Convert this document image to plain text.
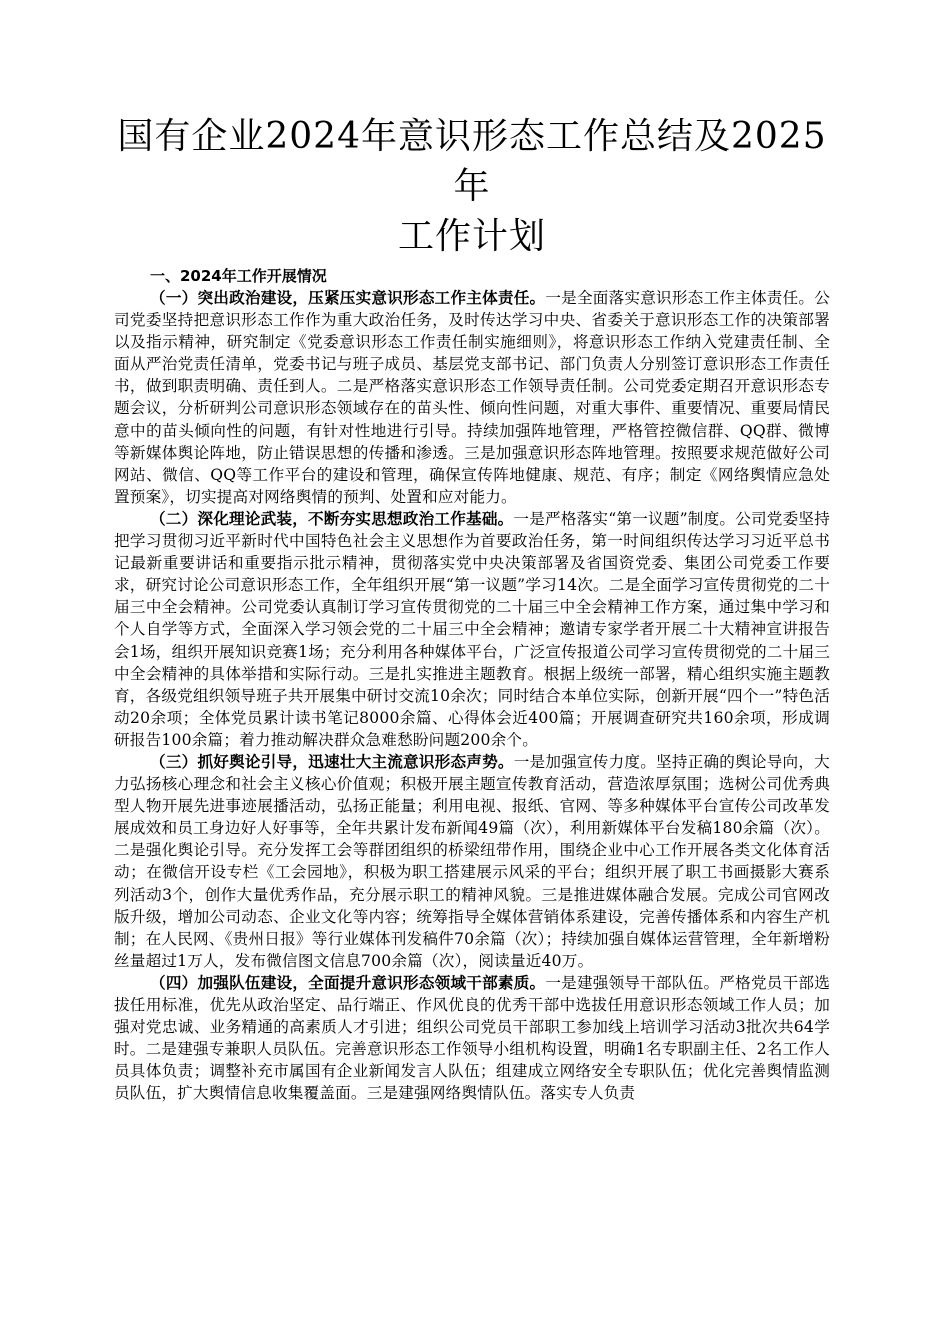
国有企业2024年意识形态工作总结及2025年
工作计划
一、2024年工作开展情况

（一）突出政治建设，压紧压实意识形态工作主体责任。一是全面落实意识形态工作主体责任。公司党委坚持把意识形态工作作为重大政治任务，及时传达学习中央、省委关于意识形态工作的决策部署以及指示精神，研究制定《党委意识形态工作责任制实施细则》，将意识形态工作纳入党建责任制、全面从严治党责任清单，党委书记与班子成员、基层党支部书记、部门负责人分别签订意识形态工作责任书，做到职责明确、责任到人。二是严格落实意识形态工作领导责任制。公司党委定期召开意识形态专题会议，分析研判公司意识形态领域存在的苗头性、倾向性问题，对重大事件、重要情况、重要局情民意中的苗头倾向性的问题，有针对性地进行引导。持续加强阵地管理，严格管控微信群、QQ群、微博等新媒体舆论阵地，防止错误思想的传播和渗透。三是加强意识形态阵地管理。按照要求规范做好公司网站、微信、QQ等工作平台的建设和管理，确保宣传阵地健康、规范、有序；制定《网络舆情应急处置预案》，切实提高对网络舆情的预判、处置和应对能力。

（二）深化理论武装，不断夯实思想政治工作基础。一是严格落实“第一议题”制度。公司党委坚持把学习贯彻习近平新时代中国特色社会主义思想作为首要政治任务，第一时间组织传达学习习近平总书记最新重要讲话和重要指示批示精神，贯彻落实党中央决策部署及省国资党委、集团公司党委工作要求，研究讨论公司意识形态工作，全年组织开展“第一议题”学习14次。二是全面学习宣传贯彻党的二十届三中全会精神。公司党委认真制订学习宣传贯彻党的二十届三中全会精神工作方案，通过集中学习和个人自学等方式，全面深入学习领会党的二十届三中全会精神；邀请专家学者开展二十大精神宣讲报告会1场，组织开展知识竞赛1场；充分利用各种媒体平台，广泛宣传报道公司学习宣传贯彻党的二十届三中全会精神的具体举措和实际行动。三是扎实推进主题教育。根据上级统一部署，精心组织实施主题教育，各级党组织领导班子共开展集中研讨交流10余次；同时结合本单位实际，创新开展“四个一”特色活动20余项；全体党员累计读书笔记8000余篇、心得体会近400篇；开展调查研究共160余项，形成调研报告100余篇；着力推动解决群众急难愁盼问题200余个。

（三）抓好舆论引导，迅速壮大主流意识形态声势。一是加强宣传力度。坚持正确的舆论导向，大力弘扬核心理念和社会主义核心价值观；积极开展主题宣传教育活动，营造浓厚氛围；选树公司优秀典型人物开展先进事迹展播活动，弘扬正能量；利用电视、报纸、官网、等多种媒体平台宣传公司改革发展成效和员工身边好人好事等，全年共累计发布新闻49篇（次），利用新媒体平台发稿180余篇（次）。二是强化舆论引导。充分发挥工会等群团组织的桥梁纽带作用，围绕企业中心工作开展各类文化体育活动；在微信开设专栏《工会园地》，积极为职工搭建展示风采的平台；组织开展了职工书画摄影大赛系列活动3个，创作大量优秀作品，充分展示职工的精神风貌。三是推进媒体融合发展。完成公司官网改版升级，增加公司动态、企业文化等内容；统筹指导全媒体营销体系建设，完善传播体系和内容生产机制；在人民网、《贵州日报》等行业媒体刊发稿件70余篇（次）；持续加强自媒体运营管理，全年新增粉丝量超过1万人，发布微信图文信息700余篇（次），阅读量近40万。

（四）加强队伍建设，全面提升意识形态领域干部素质。一是建强领导干部队伍。严格党员干部选拔任用标准，优先从政治坚定、品行端正、作风优良的优秀干部中选拔任用意识形态领域工作人员；加强对党忠诚、业务精通的高素质人才引进；组织公司党员干部职工参加线上培训学习活动3批次共64学时。二是建强专兼职人员队伍。完善意识形态工作领导小组机构设置，明确1名专职副主任、2名工作人员具体负责；调整补充市属国有企业新闻发言人队伍；组建成立网络安全专职队伍；优化完善舆情监测员队伍，扩大舆情信息收集覆盖面。三是建强网络舆情队伍。落实专人负责
